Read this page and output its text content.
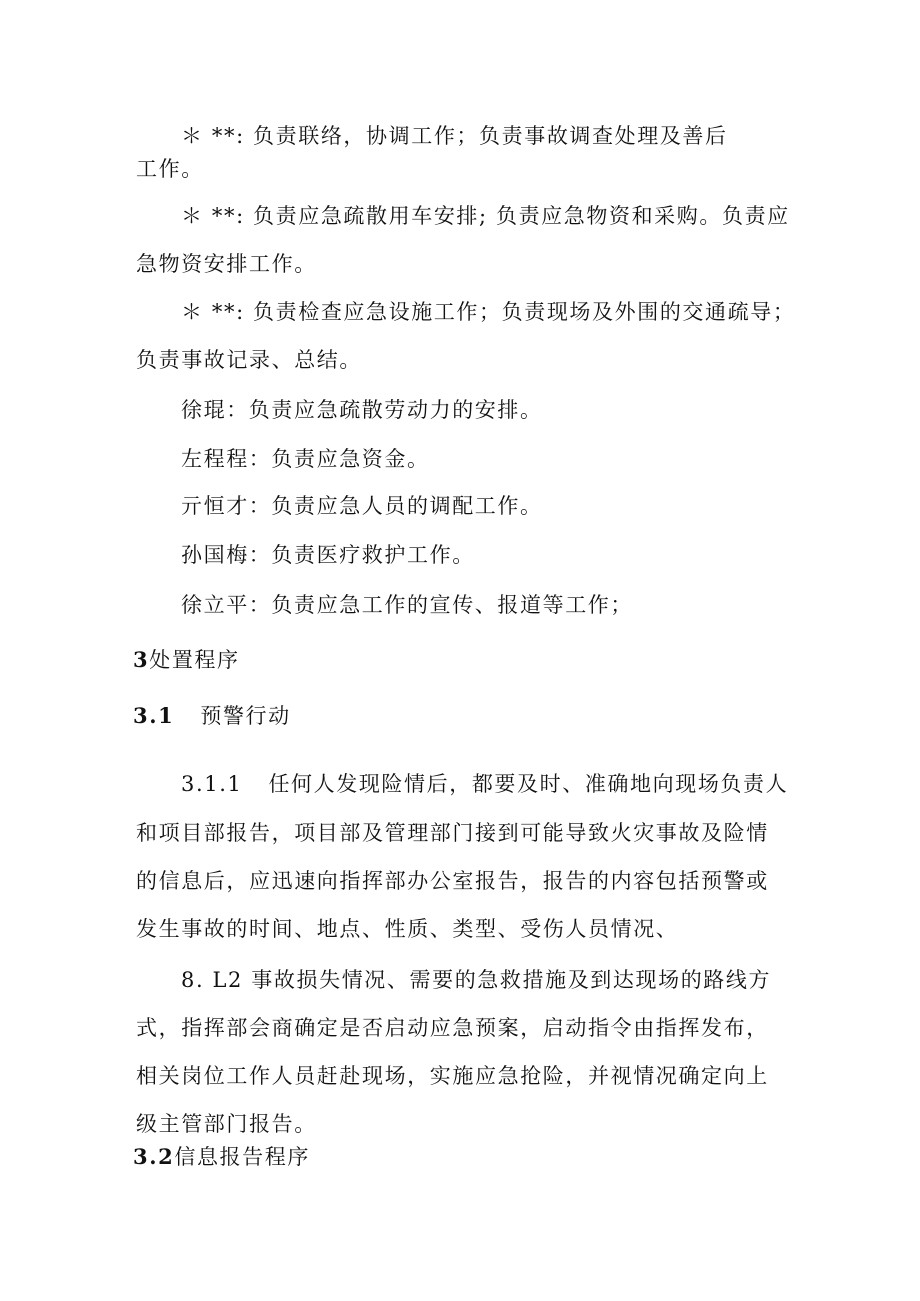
＊ **: 负责联络，协调工作；负责事故调查处理及善后
工作。
＊ **: 负责应急疏散用车安排; 负责应急物资和采购。负责应
急物资安排工作。
＊ **: 负责检查应急设施工作；负责现场及外围的交通疏导；
负责事故记录、总结。
徐琨：负责应急疏散劳动力的安排。
左程程：负责应急资金。
亓恒才：负责应急人员的调配工作。
孙国梅：负责医疗救护工作。
徐立平：负责应急工作的宣传、报道等工作；
3处置程序
3.1 预警行动
3.1.1 任何人发现险情后，都要及时、准确地向现场负责人
和项目部报告，项目部及管理部门接到可能导致火灾事故及险情
的信息后，应迅速向指挥部办公室报告，报告的内容包括预警或
发生事故的时间、地点、性质、类型、受伤人员情况、
8. L2 事故损失情况、需要的急救措施及到达现场的路线方
式，指挥部会商确定是否启动应急预案，启动指令由指挥发布，
相关岗位工作人员赶赴现场，实施应急抢险，并视情况确定向上
级主管部门报告。
3.2信息报告程序
